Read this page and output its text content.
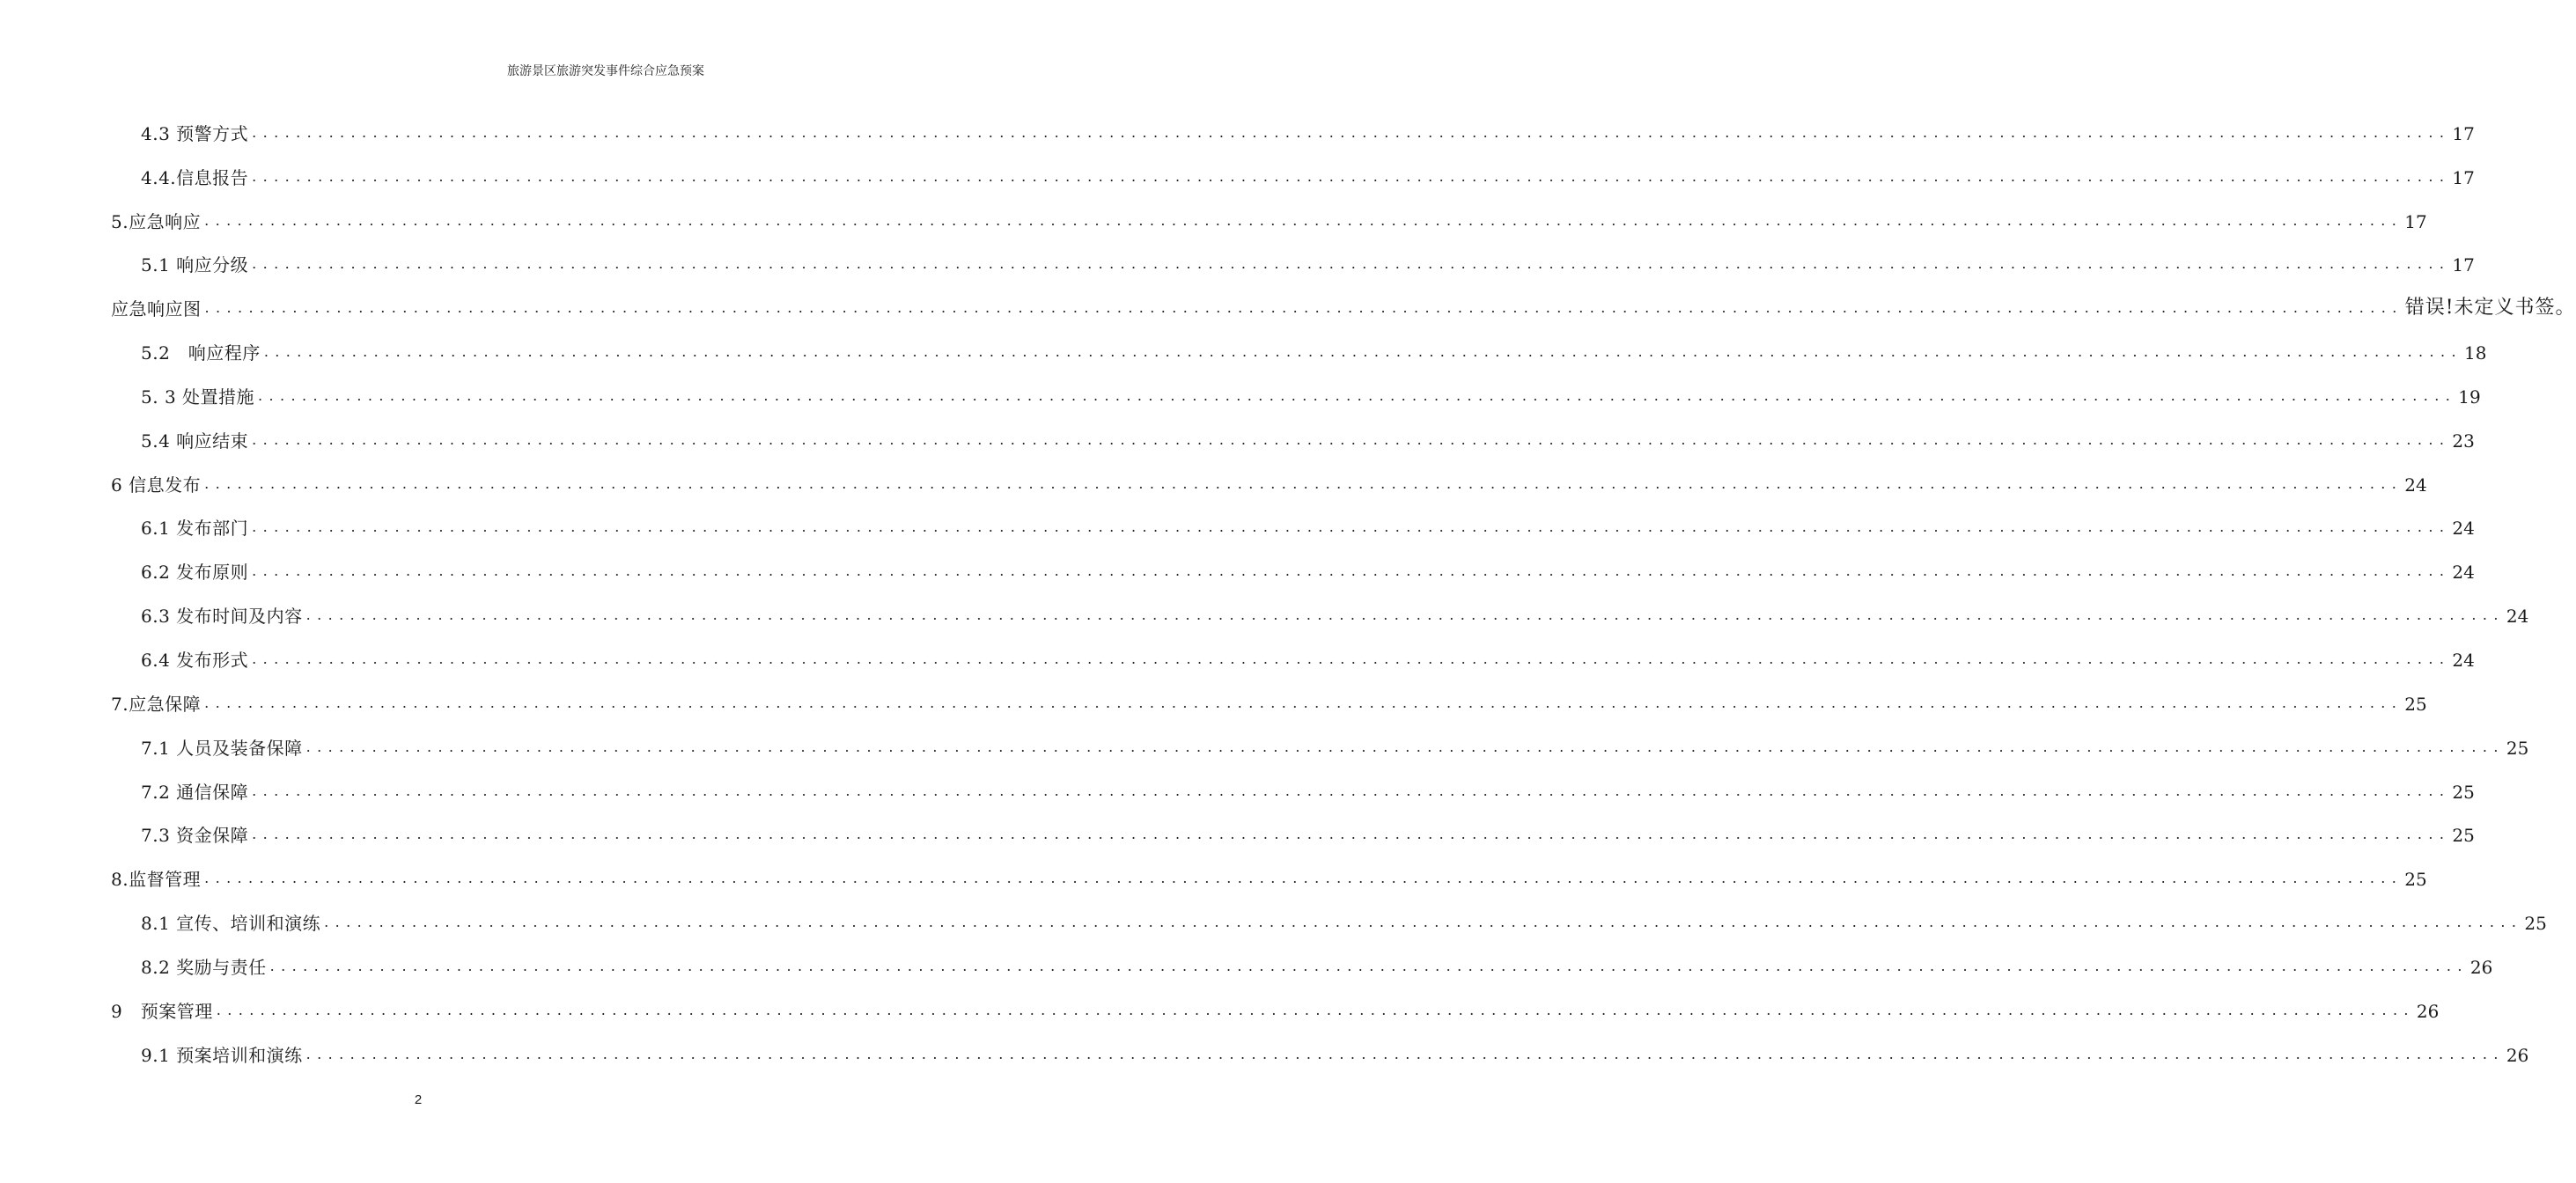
旅游景区旅游突发事件综合应急预案
4.3 预警方式 ........................................................................................................................................................................................................ 17
4.4.信息报告 ........................................................................................................................................................................................................ 17
5.应急响应 ........................................................................................................................................................................................................ 17
5.1 响应分级 ........................................................................................................................................................................................................ 17
应急响应图 ........................................................................................................................................................................................................ 错误!未定义书签。
5.2　响应程序 ........................................................................................................................................................................................................ 18
5. 3 处置措施 ........................................................................................................................................................................................................ 19
5.4 响应结束 ........................................................................................................................................................................................................ 23
6 信息发布 ........................................................................................................................................................................................................ 24
6.1 发布部门 ........................................................................................................................................................................................................ 24
6.2 发布原则 ........................................................................................................................................................................................................ 24
6.3 发布时间及内容 ........................................................................................................................................................................................................ 24
6.4 发布形式 ........................................................................................................................................................................................................ 24
7.应急保障 ........................................................................................................................................................................................................ 25
7.1 人员及装备保障 ........................................................................................................................................................................................................ 25
7.2 通信保障 ........................................................................................................................................................................................................ 25
7.3 资金保障 ........................................................................................................................................................................................................ 25
8.监督管理 ........................................................................................................................................................................................................ 25
8.1 宣传、培训和演练 ........................................................................................................................................................................................................ 25
8.2 奖励与责任 ........................................................................................................................................................................................................ 26
9　预案管理 ........................................................................................................................................................................................................ 26
9.1 预案培训和演练 ........................................................................................................................................................................................................ 26
2
